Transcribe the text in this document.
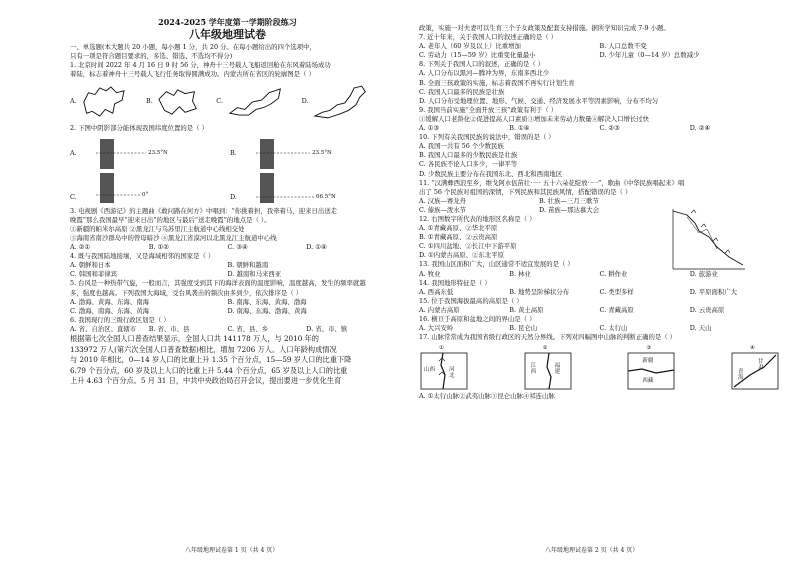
2024-2025 学年度第一学期阶段练习
八年级地理试卷
一、单选题(本大题共 20 小题，每小题 1 分，共 20 分。在每小题给出的四个选项中，
只有一项是符合题目要求的，多选、错选、不选均不得分)
1. 北京时间 2022 年 4 月 16 日 9 时 56 分，神舟十三号载人飞船返回舱在东风着陆场成功
着陆，标志着神舟十三号载人飞行任务取得圆满成功。内蒙古所在省区的轮廓图是（ ）
A.	B.	C.	D.
2. 下图中阴影部分能体现我国纬度位置的是（ ）
A.	23.5°N	B.	23.5°N
C.	0°	D.	66.5°N
3. 电视剧《西游记》的主题曲《敢问路在何方》中唱到：“你挑着担，我牵着马，迎来日出送走
晚霞”那么我国最早“迎来日出”的地区与最后“送走晚霞”的地点是（ ）。
①新疆的帕米尔高原 ②黑龙江与乌苏里江主航道中心线相交处
③海南省南沙群岛中的曾母暗沙 ④黑龙江省漠河以北黑龙江主航道中心线
A. ②①	B. ①②	C. ③④	D. ①④
4. 既与我国陆地接壤，又是海域相邻的国家是（ ）
A. 朝鲜和日本	B. 朝鲜和越南
C. 韩国和菲律宾	D. 越南和马来西亚
5. 台风是一种热带气旋，一般而言，其强度受到其下的海洋表面的温度影响，温度越高，发生的频率就越
多，强度也越高。下列我国大海域，受台风袭击的频次由多到少，依次排序是（ ）
A. 渤海、黄海、东海、南海	B. 南海、东海、黄海、渤海
C. 渤海、南海、东海、黄海	D. 南海、东海、渤海、黄海
6. 我国现行的三级行政区划是（ ）
A. 省、自治区、直辖市	B. 省、市、县	C. 省、县、乡	D. 省、市、镇
根据第七次全国人口普查结果显示，全国人口共 141178 万人，与 2010 年的
133972 万人(第六次全国人口普查数据)相比，增加 7206 万人。人口年龄构成情况
与 2010 年相比，0—14 岁人口的比重上升 1.35 个百分点，15—59 岁人口的比重下降
6.79 个百分点，60 岁及以上人口的比重上升 5.44 个百分点，65 岁及以上人口的比重
上升 4.63 个百分点。5 月 31 日，中共中央政治局召开会议，提出要进一步优化生育
八年级地理试卷第 1 页（共 4 页）
政策，实施一对夫妻可以生育三个子女政策及配套支持措施。据所学知识完成 7-9 小题。
7. 近十年来，关于我国人口的叙述正确的是（ ）
A. 老年人（60 岁及以上）比重增加	B. 人口总数不变
C. 劳动力（15—59 岁）比重变化量最小	D. 少年儿童（0—14 岁）总数减少
8. 下列关于我国人口的叙述，正确的是（ ）
A. 人口分布以黑河—腾冲为界，东南多西北少
B. 全面三孩政策的实施，标志着我国不再实行计划生育
C. 我国人口最多的民族是壮族
D. 人口分布受地理位置、地形、气候、交通、经济发展水平等因素影响，分布不均匀
9. 我国当前实施“全面开放三孩”政策有利于（ ）
①缓解人口老龄化②促进提高人口素质③增加未来劳动力数量④解决人口增长过快
A. ①③	B. ①④	C. ②③	D. ②④
10. 下列有关我国民族的说法中，错误的是（ ）
A. 我国一共有 56 个少数民族
B. 我国人口最多的少数民族是壮族
C. 各民族不论人口多少，一律平等
D. 少数民族主要分布在我国东北、西北和西南地区
11. “汉满彝西浪至乡，维戈阿水佤苗壮·－· 五十六朵花绽放·－·”，歌曲《中华民族唱起来》唱
出了 56 个民族对祖国的深情，下列民族和其民族风情，搭配错误的是（ ）
A. 汉族—赛龙舟	B. 壮族—三月三歌节
C. 傣族—泼水节	D. 苗族—那达慕大会
12. 右图数字所代表的地形区名称是（ ）
A. ①青藏高原、②华北平原
B. ①青藏高原、②云贵高原
C. ①四川盆地、②长江中下游平原
D. ①内蒙古高原、②东北平原
13. 我国山区面积广大，山区通常不适宜发展的是（ ）
A. 牧业	B. 林业	C. 耕作业	D. 旅游业
14. 我国地形特征是（ ）
A. 西高东低	B. 地势呈阶梯状分布	C. 类型多样	D. 平原面积广大
15. 位于我国海拔最高的高原是（ ）
A. 内蒙古高原	B. 黄土高原	C. 青藏高原	D. 云贵高原
16. 横亘于高原和盆地之间的界山是（ ）
A. 大兴安岭	B. 昆仑山	C. 太行山	D. 天山
17. 山脉常常成为我国省级行政区的天然分界线。下列对四幅图中山脉的判断正确的是（ ）
①
山西	河北
②
江西
福建
③
新疆
西藏
④
甘肃
青海
A. ①太行山脉②武夷山脉③昆仑山脉④祁连山脉
八年级地理试卷第 2 页（共 4 页）
